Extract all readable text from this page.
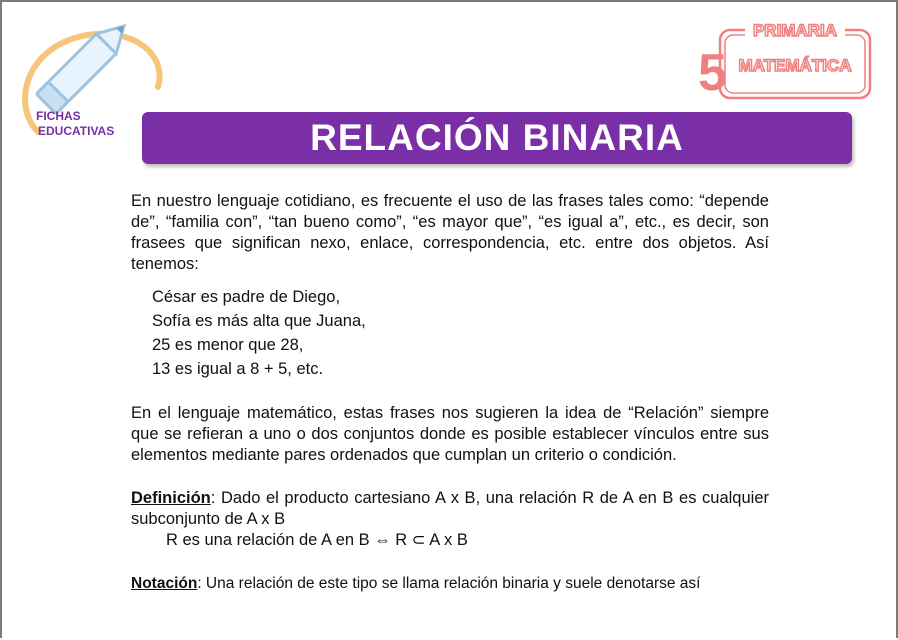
FICHAS
EDUCATIVAS
PRIMARIA
5 MATEMÁTICA
RELACIÓN BINARIA

En nuestro lenguaje cotidiano, es frecuente el uso de las frases tales como: “depende de”, “familia con”, “tan bueno como”, “es mayor que”, “es igual a”, etc., es decir, son frasees que significan nexo, enlace, correspondencia, etc. entre dos objetos. Así tenemos:

César es padre de Diego,
Sofía es más alta que Juana,
25 es menor que 28,
13 es igual a 8 + 5, etc.

En el lenguaje matemático, estas frases nos sugieren la idea de “Relación” siempre que se refieran a uno o dos conjuntos donde es posible establecer vínculos entre sus elementos mediante pares ordenados que cumplan un criterio o condición.

Definición: Dado el producto cartesiano A x B, una relación R de A en B es cualquier subconjunto de A x B

R es una relación de A en B ⇔ R ⊂ A x B
Notación: Una relación de este tipo se llama relación binaria y suele denotarse así
